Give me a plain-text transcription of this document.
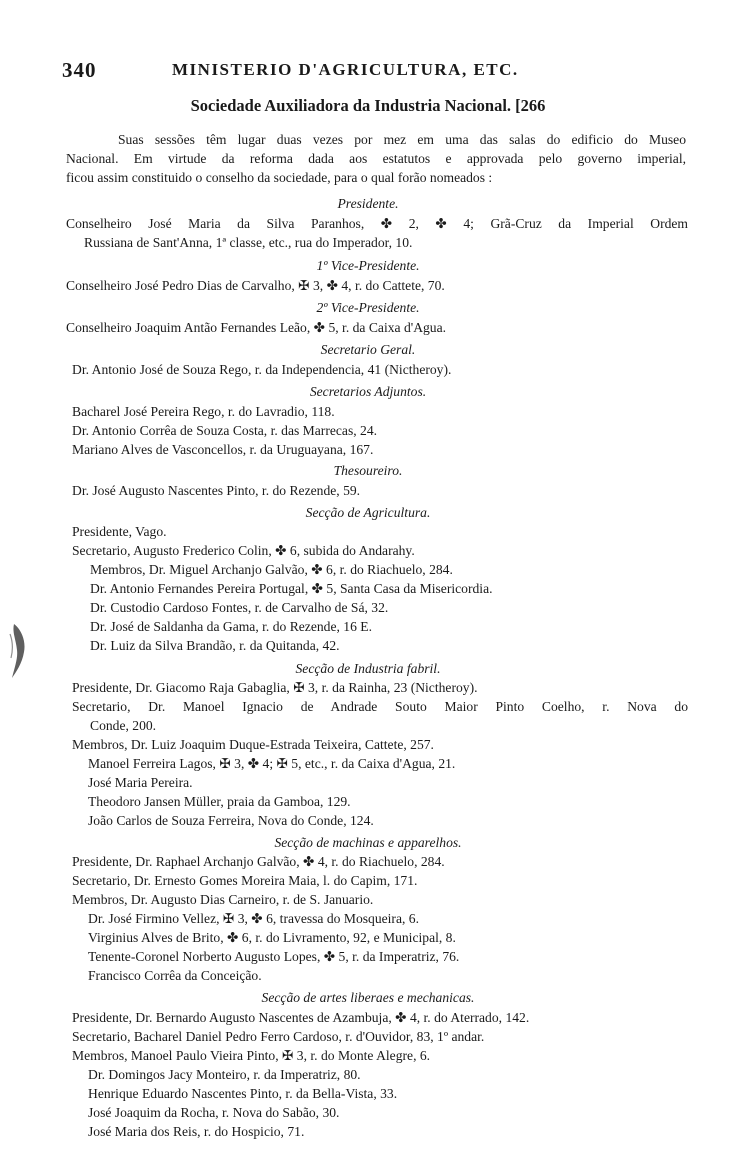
340	MINISTERIO D'AGRICULTURA, ETC.
Sociedade Auxiliadora da Industria Nacional. [266
Suas sessões têm lugar duas vezes por mez em uma das salas do edificio do Museo
Nacional. Em virtude da reforma dada aos estatutos e approvada pelo governo imperial,
ficou assim constituido o conselho da sociedade, para o qual forão nomeados :
Presidente.
Conselheiro José Maria da Silva Paranhos, ✤ 2, ✤ 4; Grã-Cruz da Imperial Ordem
Russiana de Sant'Anna, 1ª classe, etc., rua do Imperador, 10.
1º Vice-Presidente.
Conselheiro José Pedro Dias de Carvalho, ✠ 3, ✤ 4, r. do Cattete, 70.
2º Vice-Presidente.
Conselheiro Joaquim Antão Fernandes Leão, ✤ 5, r. da Caixa d'Agua.
Secretario Geral.
Dr. Antonio José de Souza Rego, r. da Independencia, 41 (Nictheroy).
Secretarios Adjuntos.
Bacharel José Pereira Rego, r. do Lavradio, 118.
Dr. Antonio Corrêa de Souza Costa, r. das Marrecas, 24.
Mariano Alves de Vasconcellos, r. da Uruguayana, 167.
Thesoureiro.
Dr. José Augusto Nascentes Pinto, r. do Rezende, 59.
Secção de Agricultura.
Presidente, Vago.
Secretario, Augusto Frederico Colin, ✤ 6, subida do Andarahy.
Membros, Dr. Miguel Archanjo Galvão, ✤ 6, r. do Riachuelo, 284.
Dr. Antonio Fernandes Pereira Portugal, ✤ 5, Santa Casa da Misericordia.
Dr. Custodio Cardoso Fontes, r. de Carvalho de Sá, 32.
Dr. José de Saldanha da Gama, r. do Rezende, 16 E.
Dr. Luiz da Silva Brandão, r. da Quitanda, 42.
Secção de Industria fabril.
Presidente, Dr. Giacomo Raja Gabaglia, ✠ 3, r. da Rainha, 23 (Nictheroy).
Secretario, Dr. Manoel Ignacio de Andrade Souto Maior Pinto Coelho, r. Nova do
Conde, 200.
Membros, Dr. Luiz Joaquim Duque-Estrada Teixeira, Cattete, 257.
Manoel Ferreira Lagos, ✠ 3, ✤ 4; ✠ 5, etc., r. da Caixa d'Agua, 21.
José Maria Pereira.
Theodoro Jansen Müller, praia da Gamboa, 129.
João Carlos de Souza Ferreira, Nova do Conde, 124.
Secção de machinas e apparelhos.
Presidente, Dr. Raphael Archanjo Galvão, ✤ 4, r. do Riachuelo, 284.
Secretario, Dr. Ernesto Gomes Moreira Maia, l. do Capim, 171.
Membros, Dr. Augusto Dias Carneiro, r. de S. Januario.
Dr. José Firmino Vellez, ✠ 3, ✤ 6, travessa do Mosqueira, 6.
Virginius Alves de Brito, ✤ 6, r. do Livramento, 92, e Municipal, 8.
Tenente-Coronel Norberto Augusto Lopes, ✤ 5, r. da Imperatriz, 76.
Francisco Corrêa da Conceição.
Secção de artes liberaes e mechanicas.
Presidente, Dr. Bernardo Augusto Nascentes de Azambuja, ✤ 4, r. do Aterrado, 142.
Secretario, Bacharel Daniel Pedro Ferro Cardoso, r. d'Ouvidor, 83, 1º andar.
Membros, Manoel Paulo Vieira Pinto, ✠ 3, r. do Monte Alegre, 6.
Dr. Domingos Jacy Monteiro, r. da Imperatriz, 80.
Henrique Eduardo Nascentes Pinto, r. da Bella-Vista, 33.
José Joaquim da Rocha, r. Nova do Sabão, 30.
José Maria dos Reis, r. do Hospicio, 71.
